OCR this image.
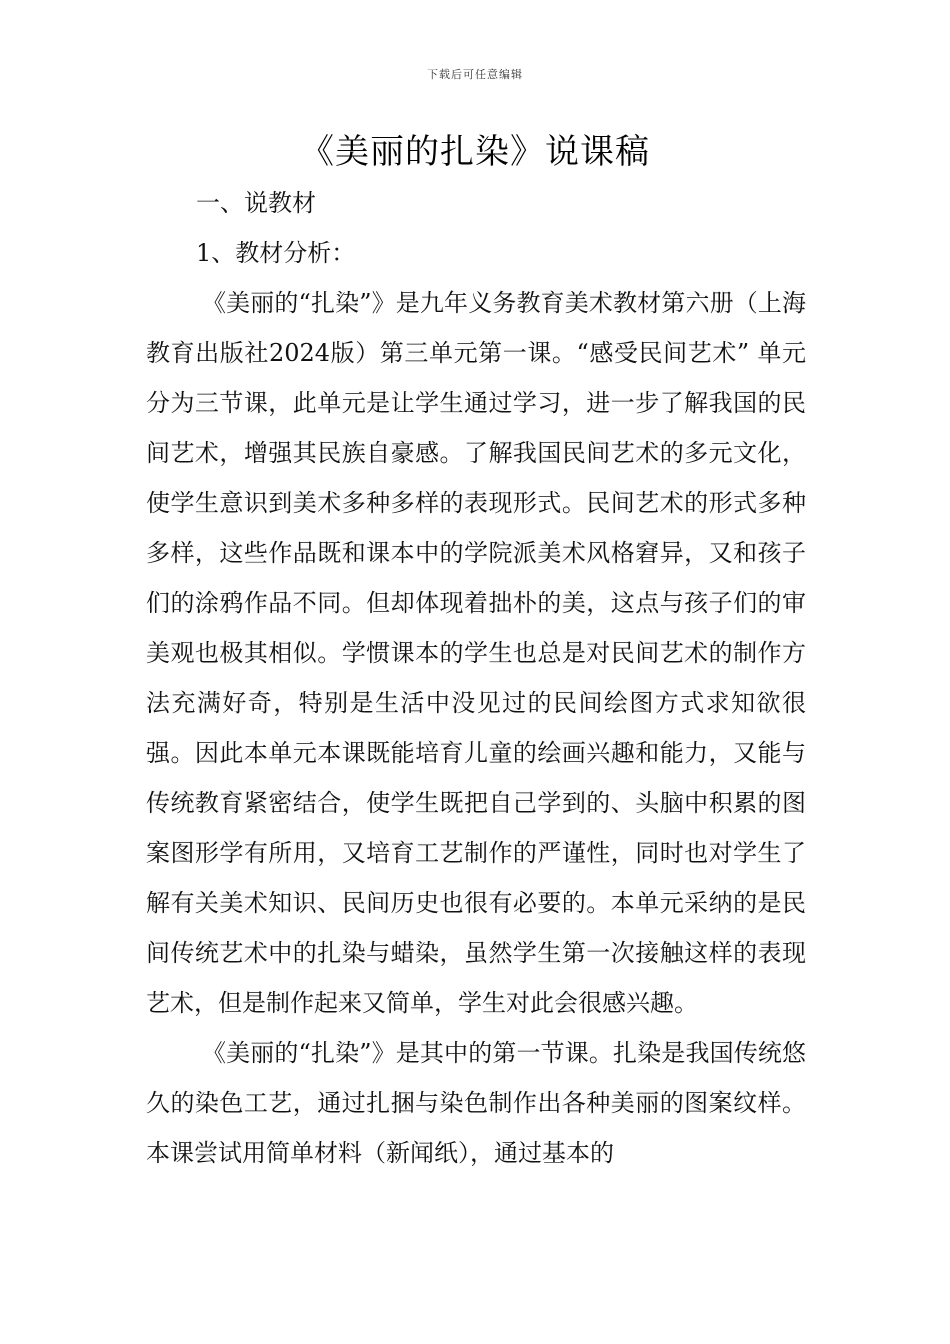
下载后可任意编辑
《美丽的扎染》说课稿

一、说教材

1、教材分析：

《美丽的“扎染”》是九年义务教育美术教材第六册（上海教育出版社2024版）第三单元第一课。“感受民间艺术” 单元分为三节课，此单元是让学生通过学习，进一步了解我国的民间艺术，增强其民族自豪感。了解我国民间艺术的多元文化，使学生意识到美术多种多样的表现形式。民间艺术的形式多种多样，这些作品既和课本中的学院派美术风格窘异，又和孩子们的涂鸦作品不同。但却体现着拙朴的美，这点与孩子们的审美观也极其相似。学惯课本的学生也总是对民间艺术的制作方法充满好奇，特别是生活中没见过的民间绘图方式求知欲很强。因此本单元本课既能培育儿童的绘画兴趣和能力，又能与传统教育紧密结合，使学生既把自己学到的、头脑中积累的图案图形学有所用，又培育工艺制作的严谨性，同时也对学生了解有关美术知识、民间历史也很有必要的。本单元采纳的是民间传统艺术中的扎染与蜡染，虽然学生第一次接触这样的表现艺术，但是制作起来又简单，学生对此会很感兴趣。

《美丽的“扎染”》是其中的第一节课。扎染是我国传统悠久的染色工艺，通过扎捆与染色制作出各种美丽的图案纹样。本课尝试用简单材料（新闻纸），通过基本的
